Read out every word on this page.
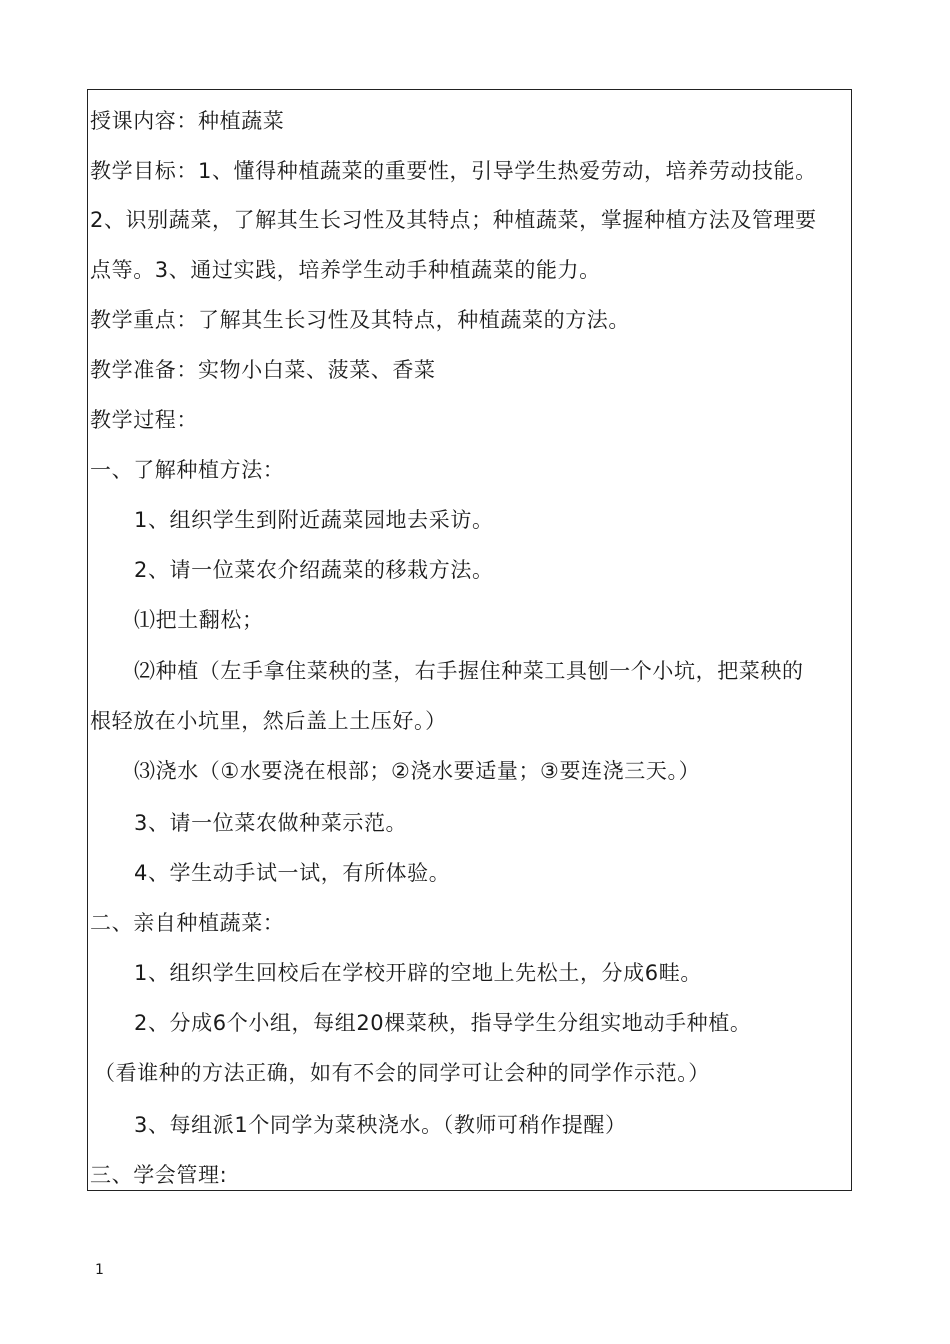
授课内容：种植蔬菜
教学目标：1、懂得种植蔬菜的重要性，引导学生热爱劳动，培养劳动技能。
2、识别蔬菜，了解其生长习性及其特点；种植蔬菜，掌握种植方法及管理要
点等。3、通过实践，培养学生动手种植蔬菜的能力。
教学重点：了解其生长习性及其特点，种植蔬菜的方法。
教学准备：实物小白菜、菠菜、香菜
教学过程：
一、了解种植方法：
1、组织学生到附近蔬菜园地去采访。
2、请一位菜农介绍蔬菜的移栽方法。
⑴把土翻松；
⑵种植（左手拿住菜秧的茎，右手握住种菜工具刨一个小坑，把菜秧的
根轻放在小坑里，然后盖上土压好。）
⑶浇水（①水要浇在根部；②浇水要适量；③要连浇三天。）
3、请一位菜农做种菜示范。
4、学生动手试一试，有所体验。
二、亲自种植蔬菜：
1、组织学生回校后在学校开辟的空地上先松土，分成6畦。
2、分成6个小组，每组20棵菜秧，指导学生分组实地动手种植。
（看谁种的方法正确，如有不会的同学可让会种的同学作示范。）
3、每组派1个同学为菜秧浇水。（教师可稍作提醒）
三、学会管理:
1
